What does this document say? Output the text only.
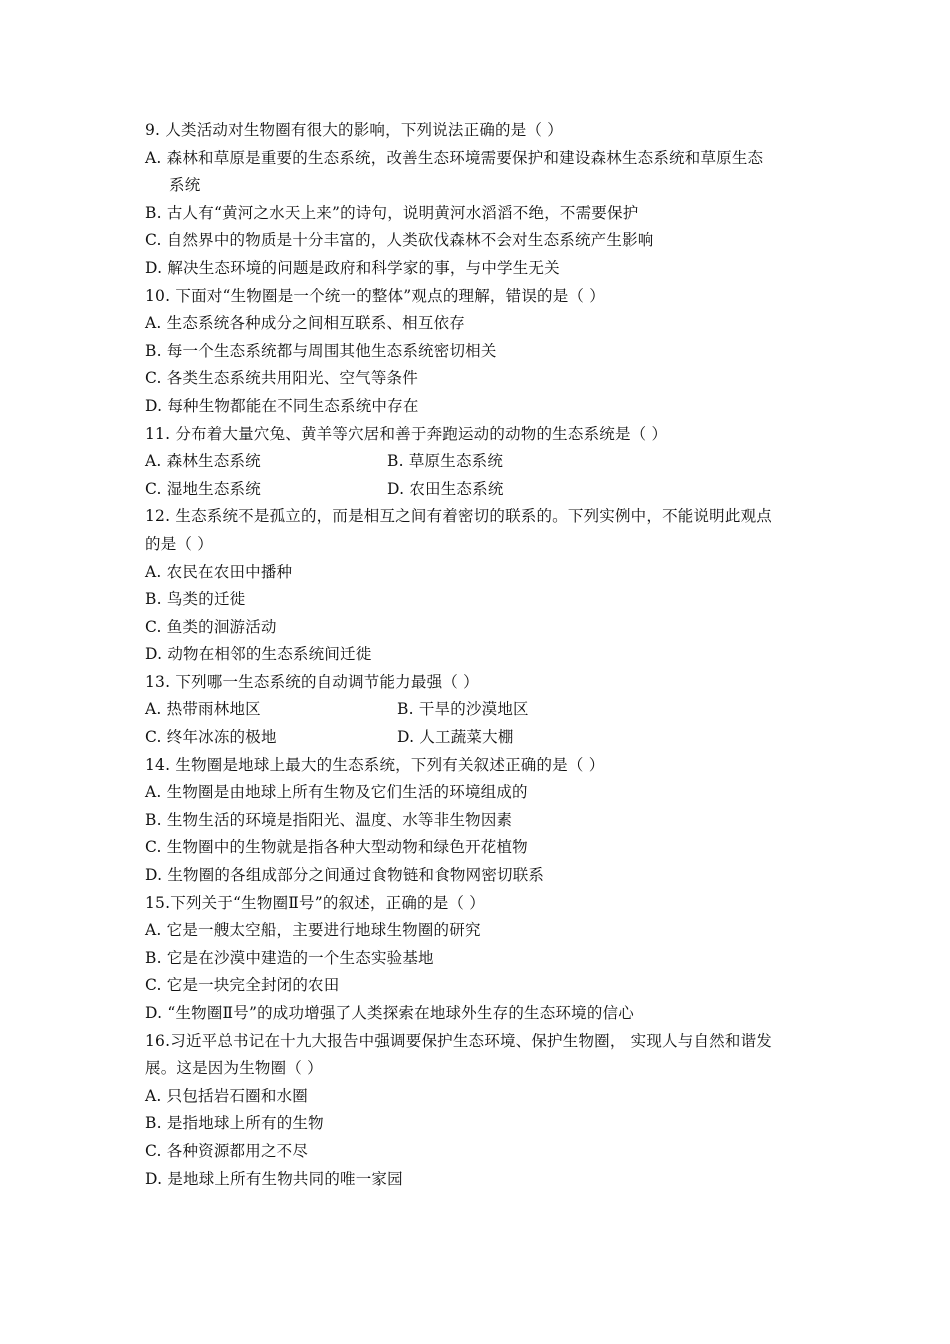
9. 人类活动对生物圈有很大的影响，下列说法正确的是（ ）
A. 森林和草原是重要的生态系统，改善生态环境需要保护和建设森林生态系统和草原生态
系统
B. 古人有“黄河之水天上来”的诗句，说明黄河水滔滔不绝，不需要保护
C. 自然界中的物质是十分丰富的，人类砍伐森林不会对生态系统产生影响
D. 解决生态环境的问题是政府和科学家的事，与中学生无关
10. 下面对“生物圈是一个统一的整体”观点的理解，错误的是（ ）
A. 生态系统各种成分之间相互联系、相互依存
B. 每一个生态系统都与周围其他生态系统密切相关
C. 各类生态系统共用阳光、空气等条件
D. 每种生物都能在不同生态系统中存在
11. 分布着大量穴兔、黄羊等穴居和善于奔跑运动的动物的生态系统是（ ）
A. 森林生态系统	B. 草原生态系统
C. 湿地生态系统	D. 农田生态系统
12. 生态系统不是孤立的，而是相互之间有着密切的联系的。下列实例中，不能说明此观点
的是（ ）
A. 农民在农田中播种
B. 鸟类的迁徙
C. 鱼类的洄游活动
D. 动物在相邻的生态系统间迁徙
13. 下列哪一生态系统的自动调节能力最强（ ）
A. 热带雨林地区	B. 干旱的沙漠地区
C. 终年冰冻的极地	D. 人工蔬菜大棚
14. 生物圈是地球上最大的生态系统，下列有关叙述正确的是（ ）
A. 生物圈是由地球上所有生物及它们生活的环境组成的
B. 生物生活的环境是指阳光、温度、水等非生物因素
C. 生物圈中的生物就是指各种大型动物和绿色开花植物
D. 生物圈的各组成部分之间通过食物链和食物网密切联系
15.下列关于“生物圈Ⅱ号”的叙述，正确的是（ ）
A. 它是一艘太空船，主要进行地球生物圈的研究
B. 它是在沙漠中建造的一个生态实验基地
C. 它是一块完全封闭的农田
D. “生物圈Ⅱ号”的成功增强了人类探索在地球外生存的生态环境的信心
16.习近平总书记在十九大报告中强调要保护生态环境、保护生物圈， 实现人与自然和谐发
展。这是因为生物圈（ ）
A. 只包括岩石圈和水圈
B. 是指地球上所有的生物
C. 各种资源都用之不尽
D. 是地球上所有生物共同的唯一家园
